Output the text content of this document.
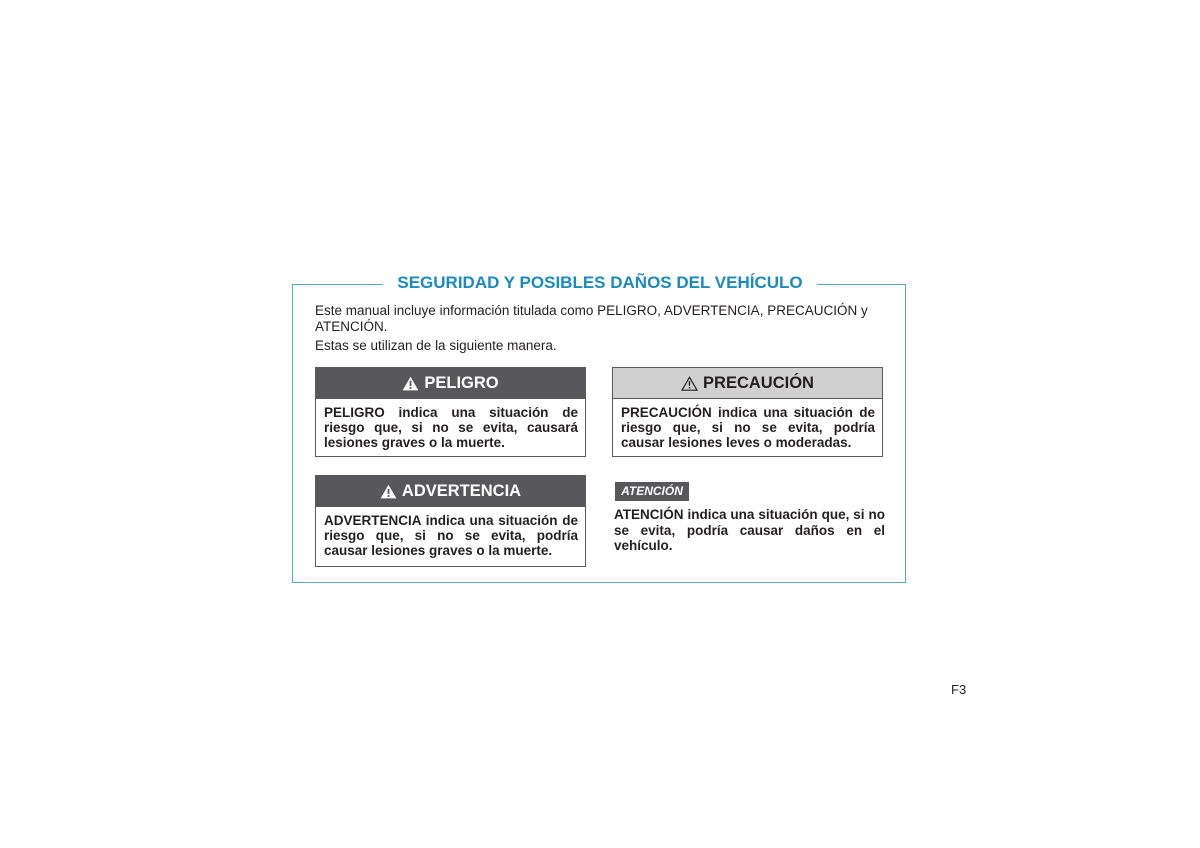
SEGURIDAD Y POSIBLES DAÑOS DEL VEHÍCULO

Este manual incluye información titulada como PELIGRO, ADVERTENCIA, PRECAUCIÓN y ATENCIÓN.

Estas se utilizan de la siguiente manera.

PELIGRO
PELIGRO indica una situación de riesgo que, si no se evita, causará lesiones graves o la muerte.
PRECAUCIÓN
PRECAUCIÓN indica una situación de riesgo que, si no se evita, podría causar lesiones leves o moderadas.
ADVERTENCIA
ADVERTENCIA indica una situación de riesgo que, si no se evita, podría causar lesiones graves o la muerte.
ATENCIÓN
ATENCIÓN indica una situación que, si no se evita, podría causar daños en el vehículo.
F3
